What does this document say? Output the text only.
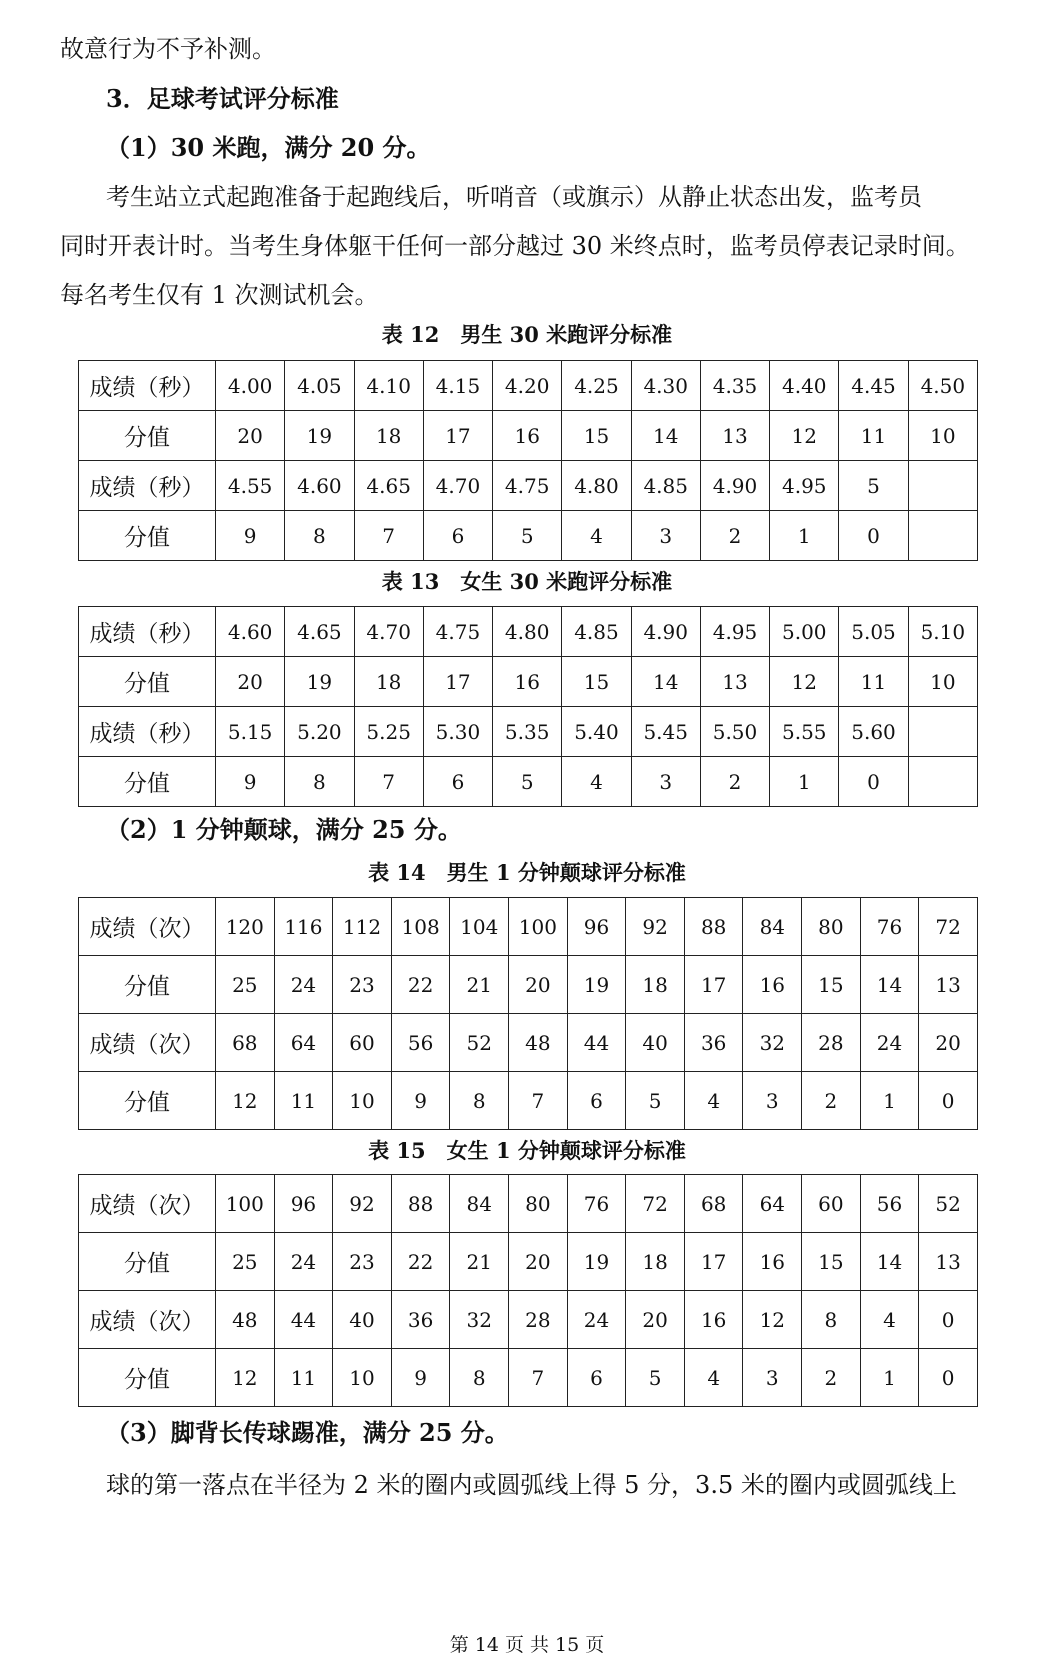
故意行为不予补测。
3．足球考试评分标准
（1）30 米跑，满分 20 分。
考生站立式起跑准备于起跑线后，听哨音（或旗示）从静止状态出发，监考员
同时开表计时。当考生身体躯干任何一部分越过 30 米终点时，监考员停表记录时间。
每名考生仅有 1 次测试机会。
表 12　男生 30 米跑评分标准
成绩（秒）	4.00	4.05	4.10	4.15	4.20	4.25	4.30	4.35	4.40	4.45	4.50
分值	20	19	18	17	16	15	14	13	12	11	10
成绩（秒）	4.55	4.60	4.65	4.70	4.75	4.80	4.85	4.90	4.95	5	
分值	9	8	7	6	5	4	3	2	1	0	
表 13　女生 30 米跑评分标准
成绩（秒）	4.60	4.65	4.70	4.75	4.80	4.85	4.90	4.95	5.00	5.05	5.10
分值	20	19	18	17	16	15	14	13	12	11	10
成绩（秒）	5.15	5.20	5.25	5.30	5.35	5.40	5.45	5.50	5.55	5.60	
分值	9	8	7	6	5	4	3	2	1	0	
（2）1 分钟颠球，满分 25 分。
表 14　男生 1 分钟颠球评分标准
成绩（次）	120	116	112	108	104	100	96	92	88	84	80	76	72
分值	25	24	23	22	21	20	19	18	17	16	15	14	13
成绩（次）	68	64	60	56	52	48	44	40	36	32	28	24	20
分值	12	11	10	9	8	7	6	5	4	3	2	1	0
表 15　女生 1 分钟颠球评分标准
成绩（次）	100	96	92	88	84	80	76	72	68	64	60	56	52
分值	25	24	23	22	21	20	19	18	17	16	15	14	13
成绩（次）	48	44	40	36	32	28	24	20	16	12	8	4	0
分值	12	11	10	9	8	7	6	5	4	3	2	1	0
（3）脚背长传球踢准，满分 25 分。
球的第一落点在半径为 2 米的圈内或圆弧线上得 5 分，3.5 米的圈内或圆弧线上
第 14 页 共 15 页
